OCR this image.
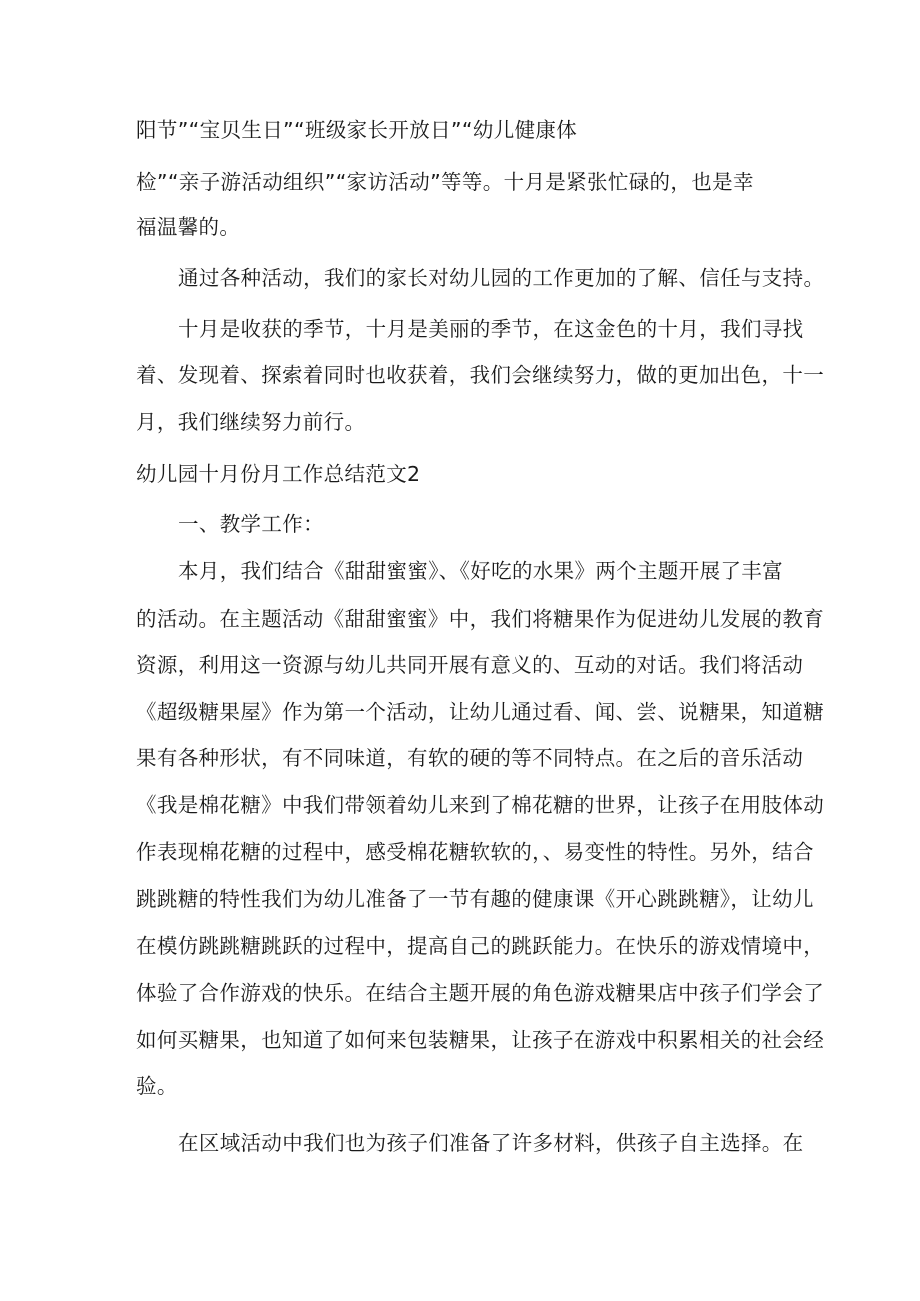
阳节”“宝贝生日”“班级家长开放日”“幼儿健康体
检”“亲子游活动组织”“家访活动”等等。十月是紧张忙碌的，也是幸
福温馨的。
通过各种活动，我们的家长对幼儿园的工作更加的了解、信任与支持。
十月是收获的季节，十月是美丽的季节，在这金色的十月，我们寻找
着、发现着、探索着同时也收获着，我们会继续努力，做的更加出色，十一
月，我们继续努力前行。
幼儿园十月份月工作总结范文2
一、教学工作：
本月，我们结合《甜甜蜜蜜》、《好吃的水果》两个主题开展了丰富
的活动。在主题活动《甜甜蜜蜜》中，我们将糖果作为促进幼儿发展的教育
资源，利用这一资源与幼儿共同开展有意义的、互动的对话。我们将活动
《超级糖果屋》作为第一个活动，让幼儿通过看、闻、尝、说糖果，知道糖
果有各种形状，有不同味道，有软的硬的等不同特点。在之后的音乐活动
《我是棉花糖》中我们带领着幼儿来到了棉花糖的世界，让孩子在用肢体动
作表现棉花糖的过程中，感受棉花糖软软的，、易变性的特性。另外，结合
跳跳糖的特性我们为幼儿准备了一节有趣的健康课《开心跳跳糖》，让幼儿
在模仿跳跳糖跳跃的过程中，提高自己的跳跃能力。在快乐的游戏情境中，
体验了合作游戏的快乐。在结合主题开展的角色游戏糖果店中孩子们学会了
如何买糖果，也知道了如何来包装糖果，让孩子在游戏中积累相关的社会经
验。
在区域活动中我们也为孩子们准备了许多材料，供孩子自主选择。在
